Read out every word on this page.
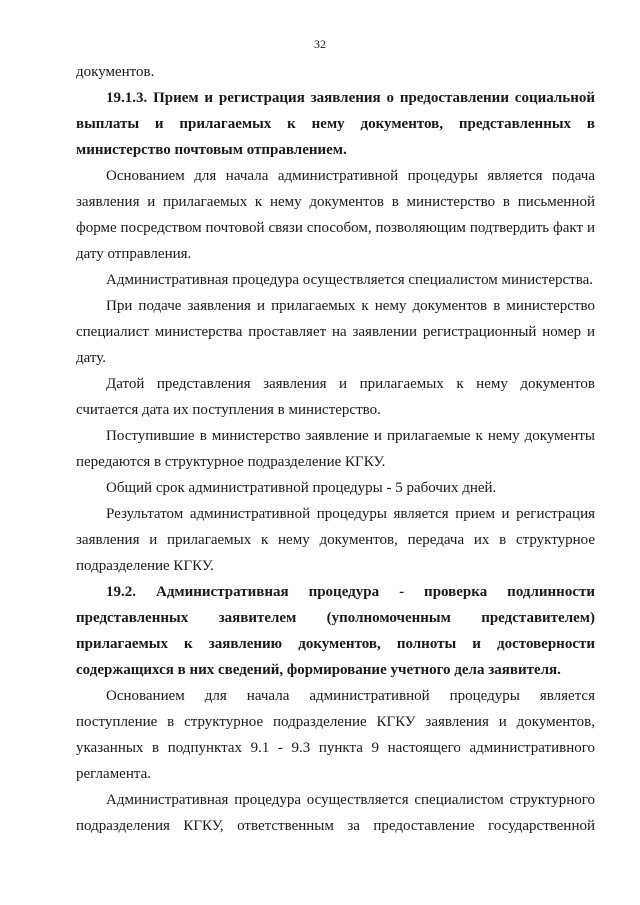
32
документов.
19.1.3. Прием и регистрация заявления о предоставлении социальной
выплаты и прилагаемых к нему документов, представленных в
министерство почтовым отправлением.
Основанием для начала административной процедуры является подача
заявления и прилагаемых к нему документов в министерство в письменной
форме посредством почтовой связи способом, позволяющим подтвердить факт и
дату отправления.
Административная процедура осуществляется специалистом министерства.
При подаче заявления и прилагаемых к нему документов в министерство
специалист министерства проставляет на заявлении регистрационный номер и
дату.
Датой представления заявления и прилагаемых к нему документов
считается дата их поступления в министерство.
Поступившие в министерство заявление и прилагаемые к нему документы
передаются в структурное подразделение КГКУ.
Общий срок административной процедуры - 5 рабочих дней.
Результатом административной процедуры является прием и регистрация
заявления и прилагаемых к нему документов, передача их в структурное
подразделение КГКУ.
19.2. Административная процедура - проверка подлинности
представленных заявителем (уполномоченным представителем)
прилагаемых к заявлению документов, полноты и достоверности
содержащихся в них сведений, формирование учетного дела заявителя.
Основанием для начала административной процедуры является
поступление в структурное подразделение КГКУ заявления и документов,
указанных в подпунктах 9.1 - 9.3 пункта 9 настоящего административного
регламента.
Административная процедура осуществляется специалистом структурного
подразделения КГКУ, ответственным за предоставление государственной
